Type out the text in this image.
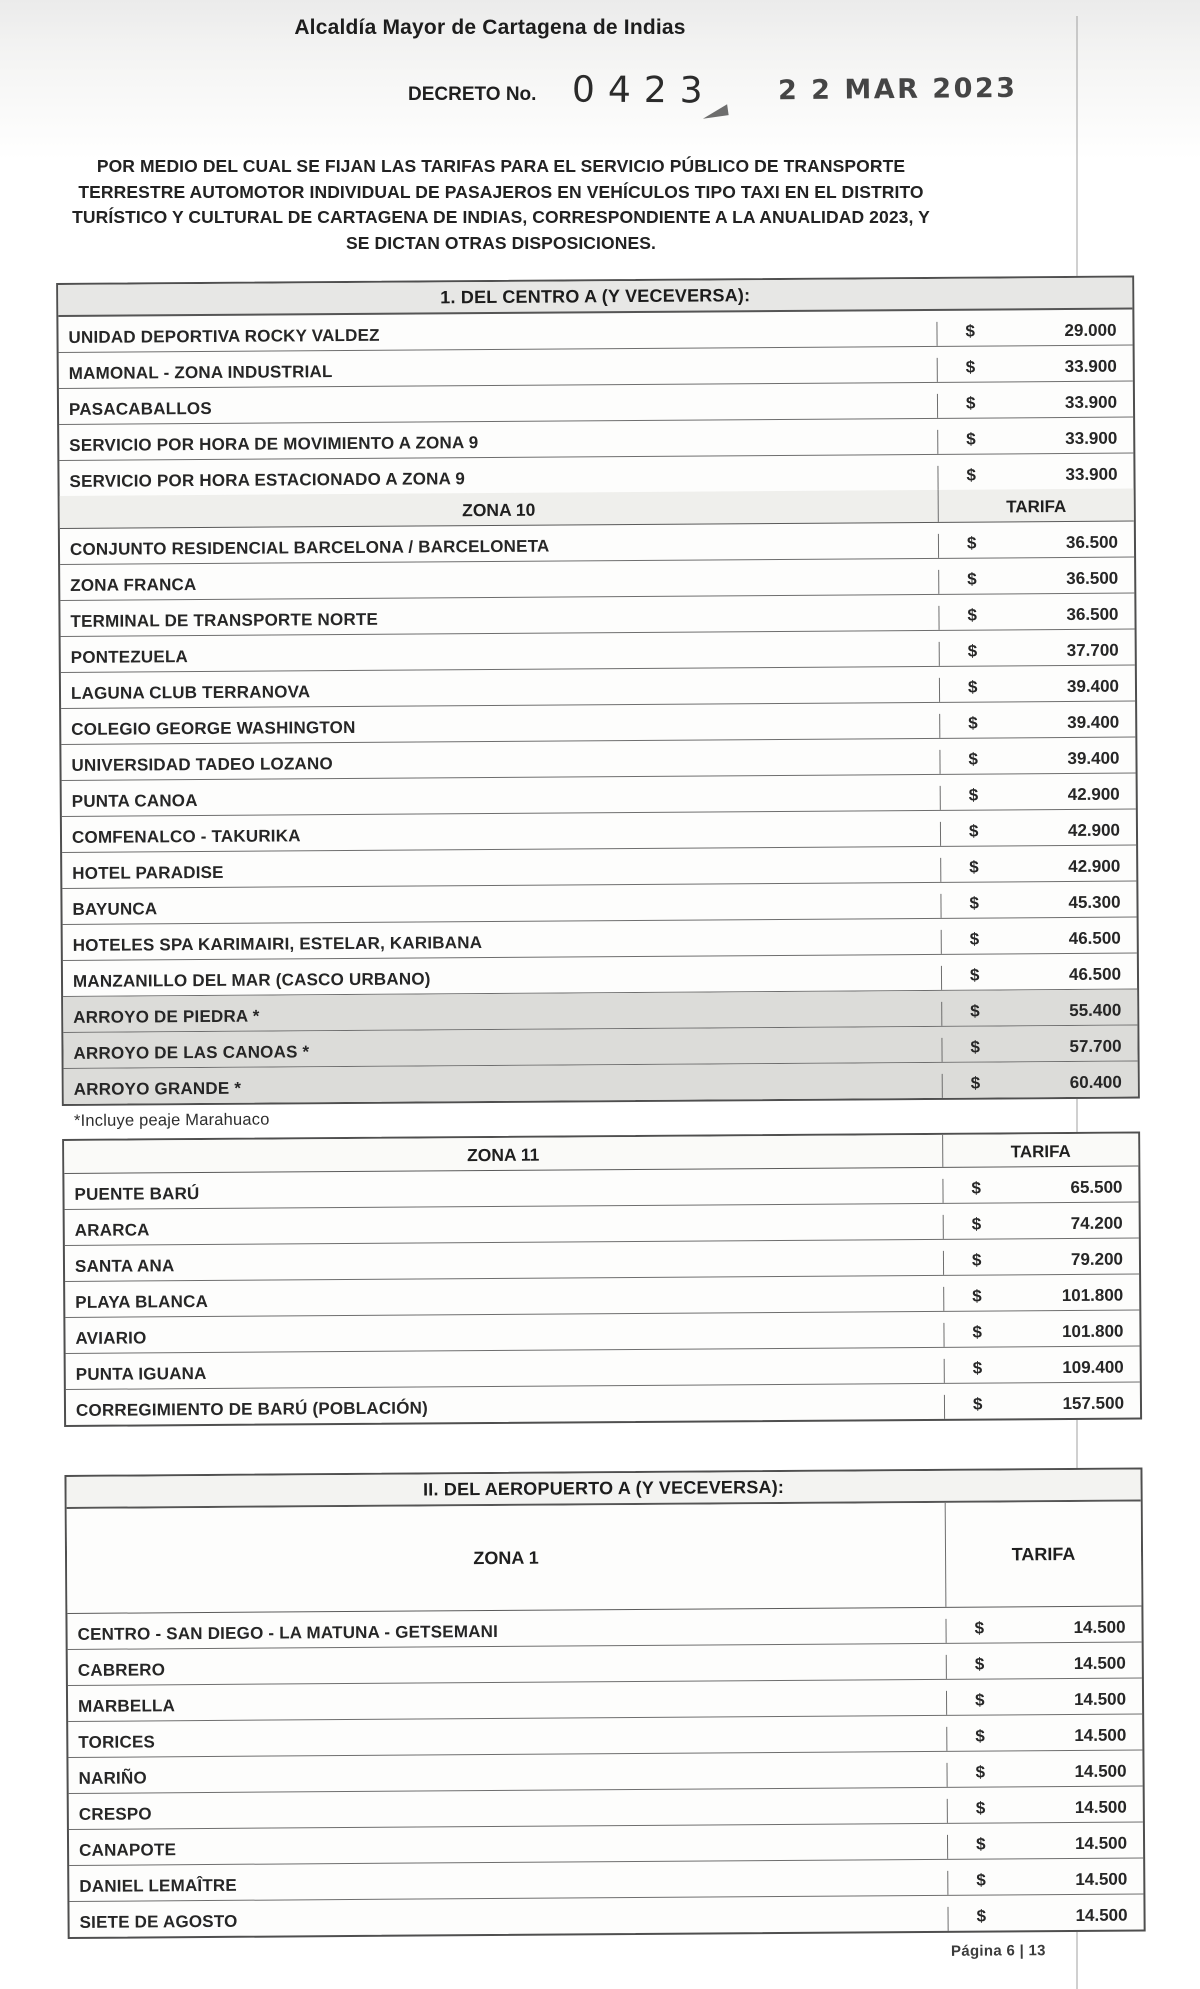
Alcaldía Mayor de Cartagena de Indias
DECRETO No. 0423 2 2 MAR 2023

POR MEDIO DEL CUAL SE FIJAN LAS TARIFAS PARA EL SERVICIO PÚBLICO DE TRANSPORTE TERRESTRE AUTOMOTOR INDIVIDUAL DE PASAJEROS EN VEHÍCULOS TIPO TAXI EN EL DISTRITO TURÍSTICO Y CULTURAL DE CARTAGENA DE INDIAS, CORRESPONDIENTE A LA ANUALIDAD 2023, Y SE DICTAN OTRAS DISPOSICIONES.

1. DEL CENTRO A (Y VECEVERSA):
UNIDAD DEPORTIVA ROCKY VALDEZ	$	29.000
MAMONAL - ZONA INDUSTRIAL	$	33.900
PASACABALLOS	$	33.900
SERVICIO POR HORA DE MOVIMIENTO A ZONA 9	$	33.900
SERVICIO POR HORA ESTACIONADO A ZONA 9	$	33.900
ZONA 10	TARIFA
CONJUNTO RESIDENCIAL BARCELONA / BARCELONETA	$	36.500
ZONA FRANCA	$	36.500
TERMINAL DE TRANSPORTE NORTE	$	36.500
PONTEZUELA	$	37.700
LAGUNA CLUB TERRANOVA	$	39.400
COLEGIO GEORGE WASHINGTON	$	39.400
UNIVERSIDAD TADEO LOZANO	$	39.400
PUNTA CANOA	$	42.900
COMFENALCO - TAKURIKA	$	42.900
HOTEL PARADISE	$	42.900
BAYUNCA	$	45.300
HOTELES SPA KARIMAIRI, ESTELAR, KARIBANA	$	46.500
MANZANILLO DEL MAR (CASCO URBANO)	$	46.500
ARROYO DE PIEDRA *	$	55.400
ARROYO DE LAS CANOAS *	$	57.700
ARROYO GRANDE *	$	60.400
*Incluye peaje Marahuaco
ZONA 11	TARIFA
PUENTE BARÚ	$	65.500
ARARCA	$	74.200
SANTA ANA	$	79.200
PLAYA BLANCA	$	101.800
AVIARIO	$	101.800
PUNTA IGUANA	$	109.400
CORREGIMIENTO DE BARÚ (POBLACIÓN)	$	157.500
II. DEL AEROPUERTO A (Y VECEVERSA):
ZONA 1	TARIFA
CENTRO - SAN DIEGO - LA MATUNA - GETSEMANI	$	14.500
CABRERO	$	14.500
MARBELLA	$	14.500
TORICES	$	14.500
NARIÑO	$	14.500
CRESPO	$	14.500
CANAPOTE	$	14.500
DANIEL LEMAÎTRE	$	14.500
SIETE DE AGOSTO	$	14.500
Página 6 | 13
